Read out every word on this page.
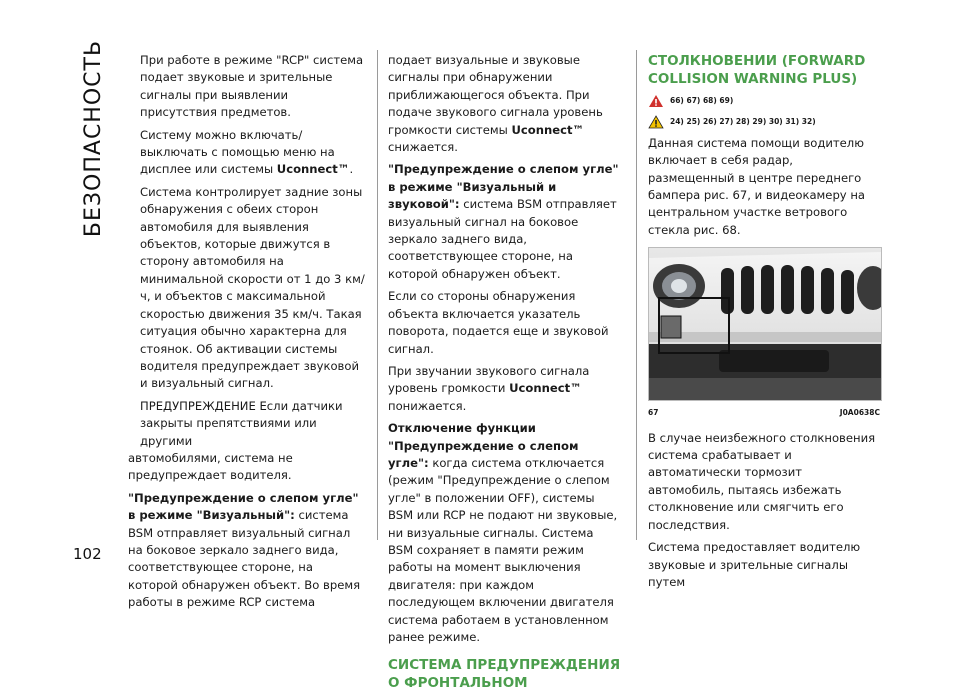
БЕЗОПАСНОСТЬ
102

При работе в режиме "RCP" система подает звуковые и зрительные сигналы при выявлении присутствия предметов.

Систему можно включать/выключать с помощью меню на дисплее или системы Uconnect™.

Система контролирует задние зоны обнаружения с обеих сторон автомобиля для выявления объектов, которые движутся в сторону автомобиля на минимальной скорости от 1 до 3 км/ч, и объектов с максимальной скоростью движения 35 км/ч. Такая ситуация обычно характерна для стоянок. Об активации системы водителя предупреждает звуковой и визуальный сигнал.

ПРЕДУПРЕЖДЕНИЕ Если датчики закрыты препятствиями или другими

автомобилями, система не предупреждает водителя.

"Предупреждение о слепом угле" в режиме "Визуальный": система BSM отправляет визуальный сигнал на боковое зеркало заднего вида, соответствующее стороне, на которой обнаружен объект. Во время работы в режиме RCP система

подает визуальные и звуковые сигналы при обнаружении приближающегося объекта. При подаче звукового сигнала уровень громкости системы Uconnect™ снижается.

"Предупреждение о слепом угле" в режиме "Визуальный и звуковой": система BSM отправляет визуальный сигнал на боковое зеркало заднего вида, соответствующее стороне, на которой обнаружен объект.

Если со стороны обнаружения объекта включается указатель поворота, подается еще и звуковой сигнал.

При звучании звукового сигнала уровень громкости Uconnect™ понижается.

Отключение функции "Предупреждение о слепом угле": когда система отключается (режим "Предупреждение о слепом угле" в положении OFF), системы BSM или RCP не подают ни звуковые, ни визуальные сигналы. Система BSM сохраняет в памяти режим работы на момент выключения двигателя: при каждом последующем включении двигателя система работаем в установленном ранее режиме.

СИСТЕМА ПРЕДУПРЕЖДЕНИЯ О ФРОНТАЛЬНОМ
СТОЛКНОВЕНИИ (FORWARD COLLISION WARNING PLUS)
66) 67) 68) 69)
24) 25) 26) 27) 28) 29) 30) 31) 32)

Данная система помощи водителю включает в себя радар, размещенный в центре переднего бампера рис. 67, и видеокамеру на центральном участке ветрового стекла рис. 68.

67	J0A0638C

В случае неизбежного столкновения система срабатывает и автоматически тормозит автомобиль, пытаясь избежать столкновение или смягчить его последствия.

Система предоставляет водителю звуковые и зрительные сигналы путем
